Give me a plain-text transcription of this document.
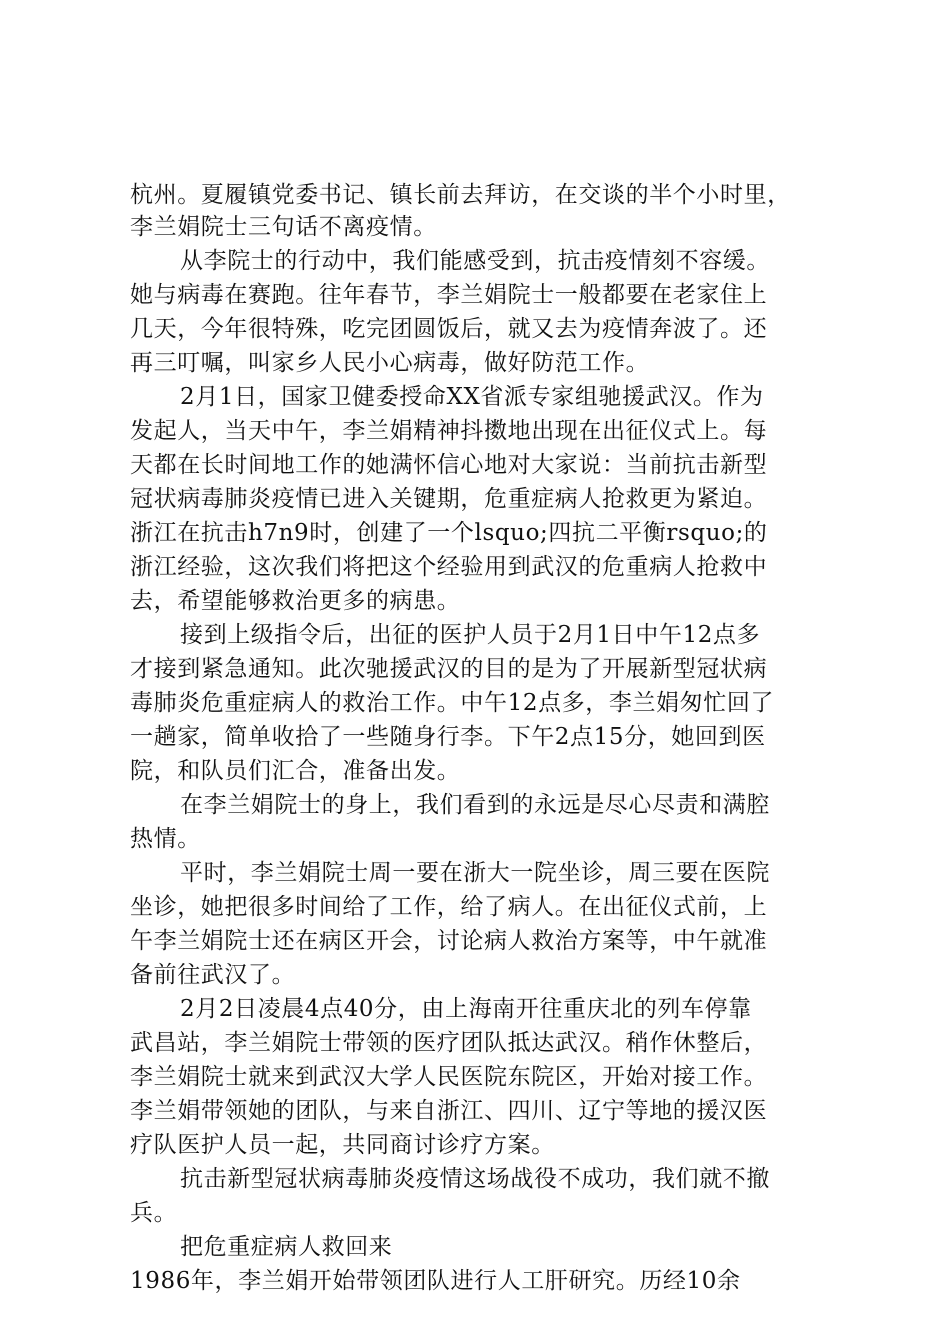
杭州。夏履镇党委书记、镇长前去拜访，在交谈的半个小时里，
李兰娟院士三句话不离疫情。
从李院士的行动中，我们能感受到，抗击疫情刻不容缓。
她与病毒在赛跑。往年春节，李兰娟院士一般都要在老家住上
几天，今年很特殊，吃完团圆饭后，就又去为疫情奔波了。还
再三叮嘱，叫家乡人民小心病毒，做好防范工作。
2月1日，国家卫健委授命XX省派专家组驰援武汉。作为
发起人，当天中午，李兰娟精神抖擞地出现在出征仪式上。每
天都在长时间地工作的她满怀信心地对大家说：当前抗击新型
冠状病毒肺炎疫情已进入关键期，危重症病人抢救更为紧迫。
浙江在抗击h7n9时，创建了一个lsquo;四抗二平衡rsquo;的
浙江经验，这次我们将把这个经验用到武汉的危重病人抢救中
去，希望能够救治更多的病患。
接到上级指令后，出征的医护人员于2月1日中午12点多
才接到紧急通知。此次驰援武汉的目的是为了开展新型冠状病
毒肺炎危重症病人的救治工作。中午12点多，李兰娟匆忙回了
一趟家，简单收拾了一些随身行李。下午2点15分，她回到医
院，和队员们汇合，准备出发。
在李兰娟院士的身上，我们看到的永远是尽心尽责和满腔
热情。
平时，李兰娟院士周一要在浙大一院坐诊，周三要在医院
坐诊，她把很多时间给了工作，给了病人。在出征仪式前，上
午李兰娟院士还在病区开会，讨论病人救治方案等，中午就准
备前往武汉了。
2月2日凌晨4点40分，由上海南开往重庆北的列车停靠
武昌站，李兰娟院士带领的医疗团队抵达武汉。稍作休整后，
李兰娟院士就来到武汉大学人民医院东院区，开始对接工作。
李兰娟带领她的团队，与来自浙江、四川、辽宁等地的援汉医
疗队医护人员一起，共同商讨诊疗方案。
抗击新型冠状病毒肺炎疫情这场战役不成功，我们就不撤
兵。
把危重症病人救回来
1986年，李兰娟开始带领团队进行人工肝研究。历经10余
